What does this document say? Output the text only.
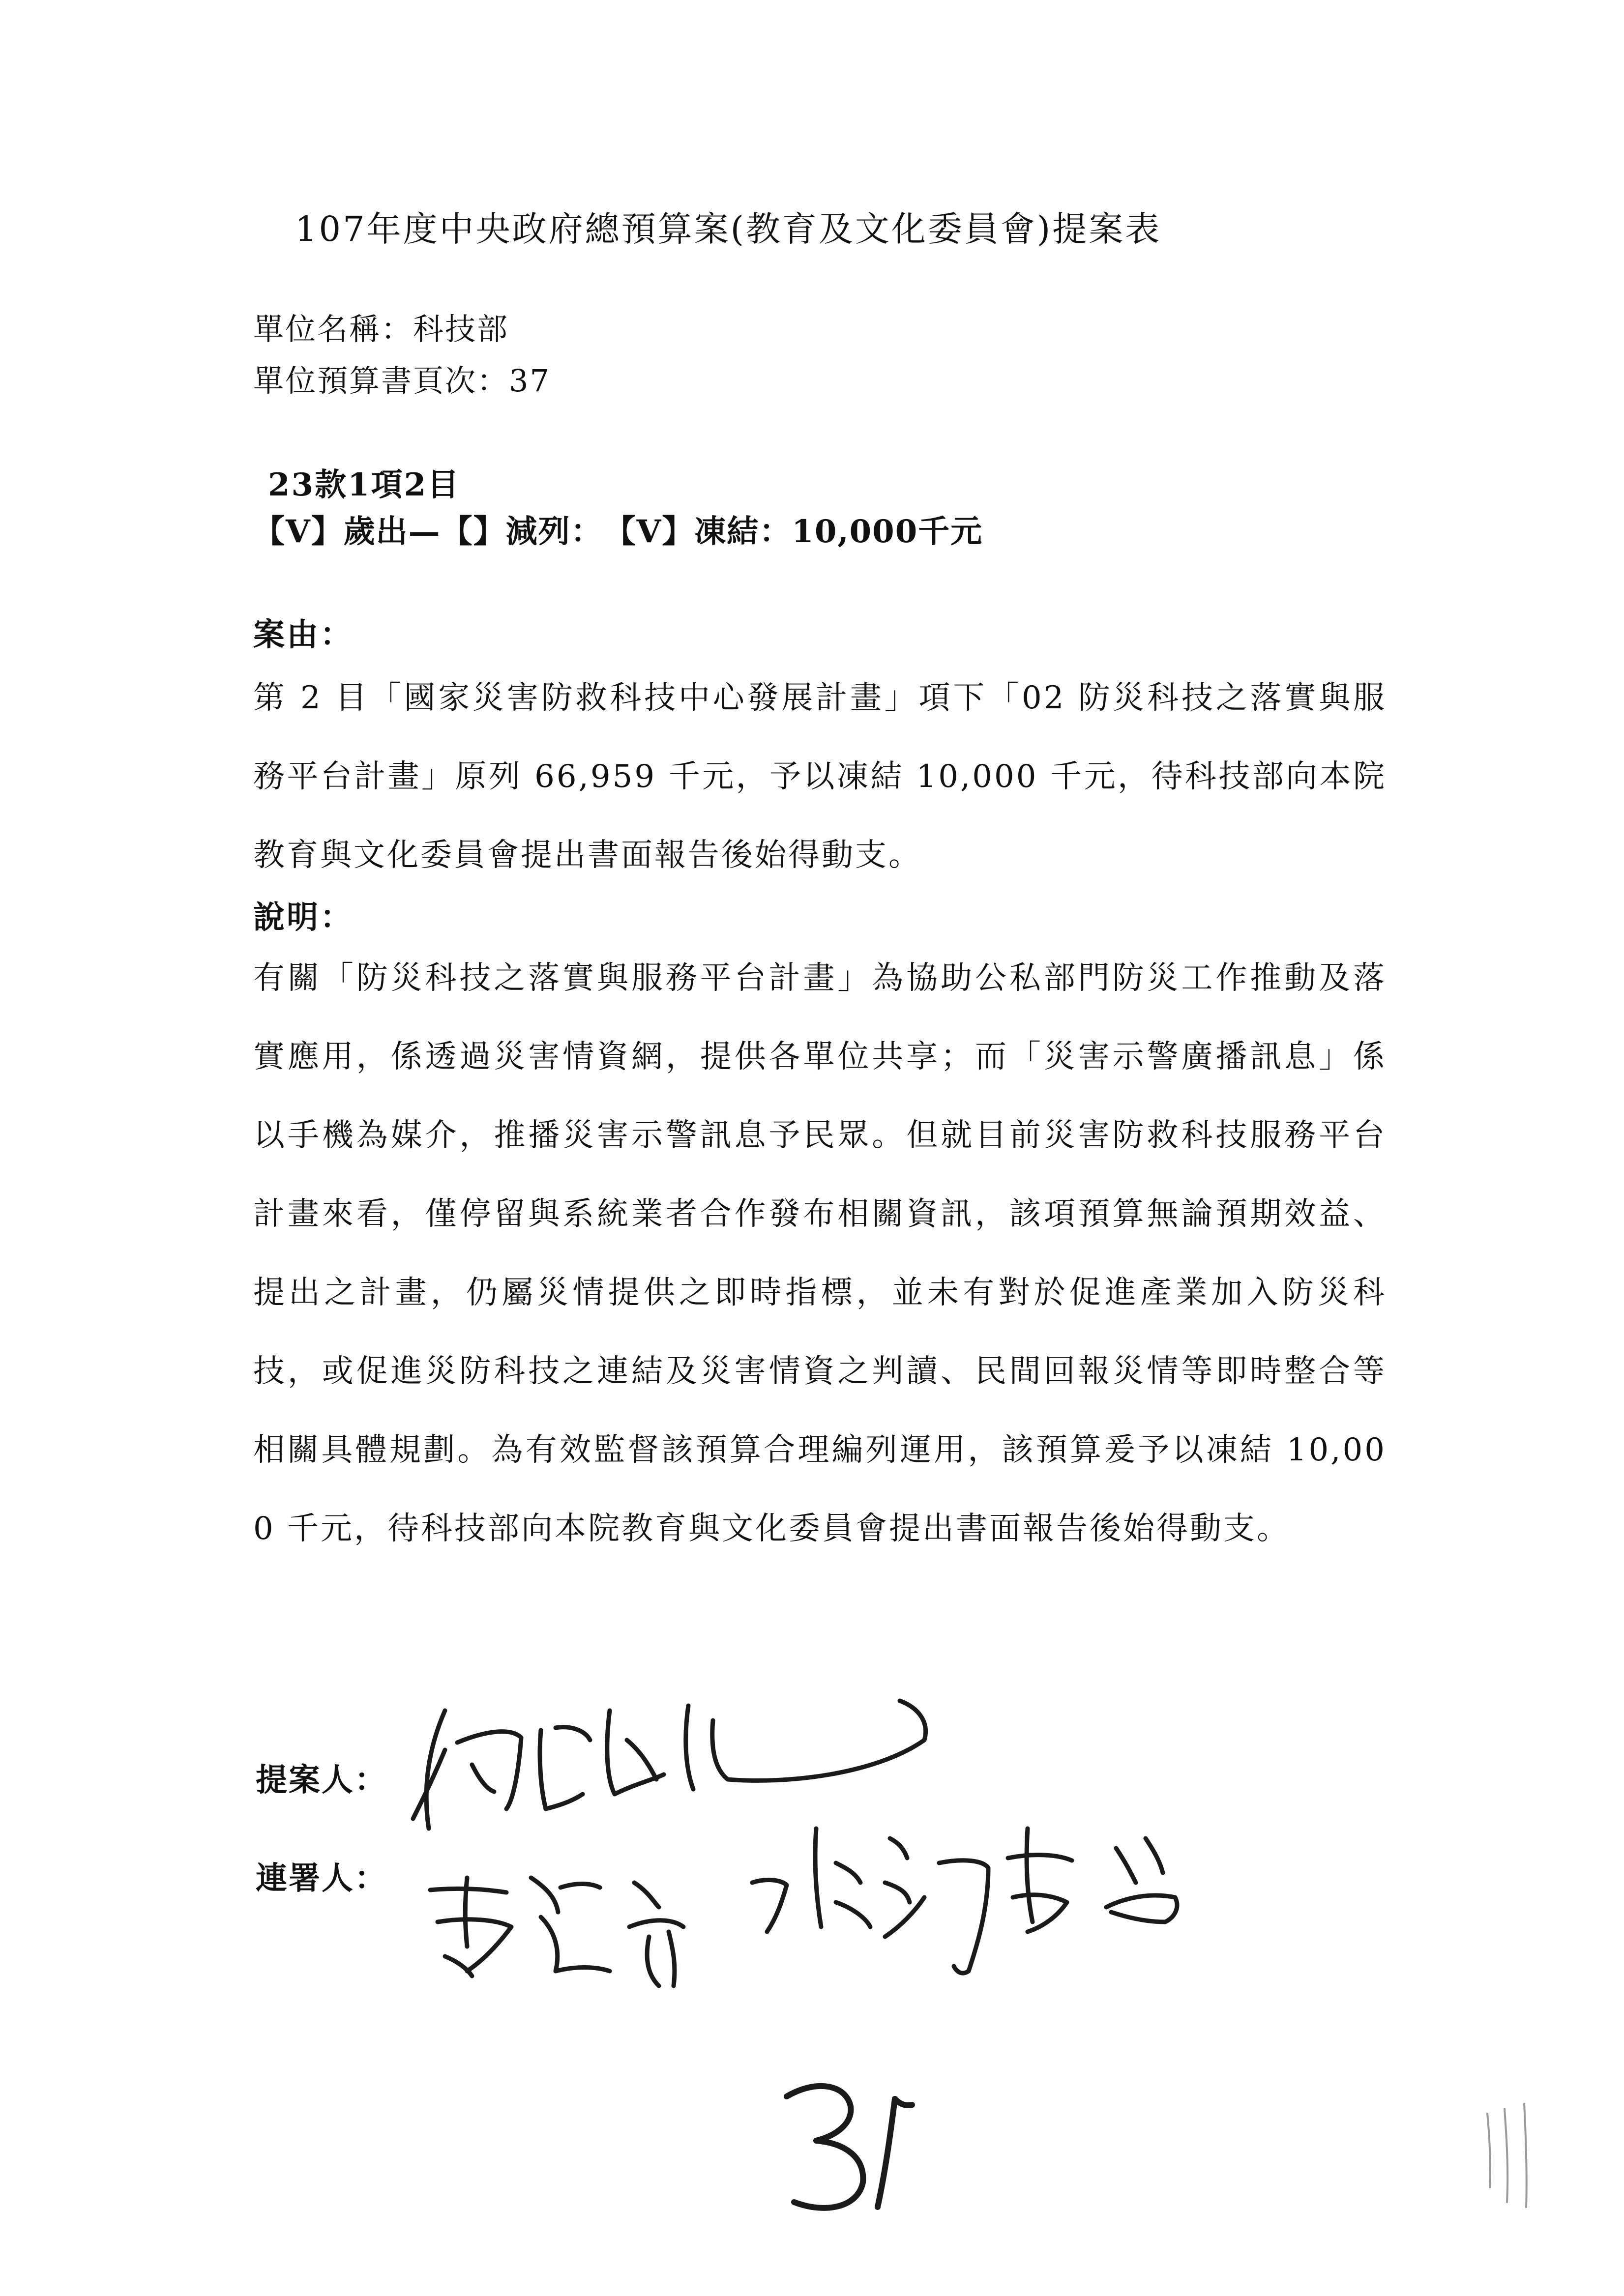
107年度中央政府總預算案(教育及文化委員會)提案表
單位名稱：科技部
單位預算書頁次：37
23款1項2目
【V】歲出—【】減列：　【V】凍結：10,000千元
案由：
第 2 目「國家災害防救科技中心發展計畫」項下「02 防災科技之落實與服務平台計畫」原列 66,959 千元，予以凍結 10,000 千元，待科技部向本院教育與文化委員會提出書面報告後始得動支。
說明：
有關「防災科技之落實與服務平台計畫」為協助公私部門防災工作推動及落實應用，係透過災害情資網，提供各單位共享；而「災害示警廣播訊息」係以手機為媒介，推播災害示警訊息予民眾。但就目前災害防救科技服務平台計畫來看，僅停留與系統業者合作發布相關資訊，該項預算無論預期效益、提出之計畫，仍屬災情提供之即時指標，並未有對於促進產業加入防災科技，或促進災防科技之連結及災害情資之判讀、民間回報災情等即時整合等相關具體規劃。為有效監督該預算合理編列運用，該預算爰予以凍結 10,000 千元，待科技部向本院教育與文化委員會提出書面報告後始得動支。
提案人：
連署人：
